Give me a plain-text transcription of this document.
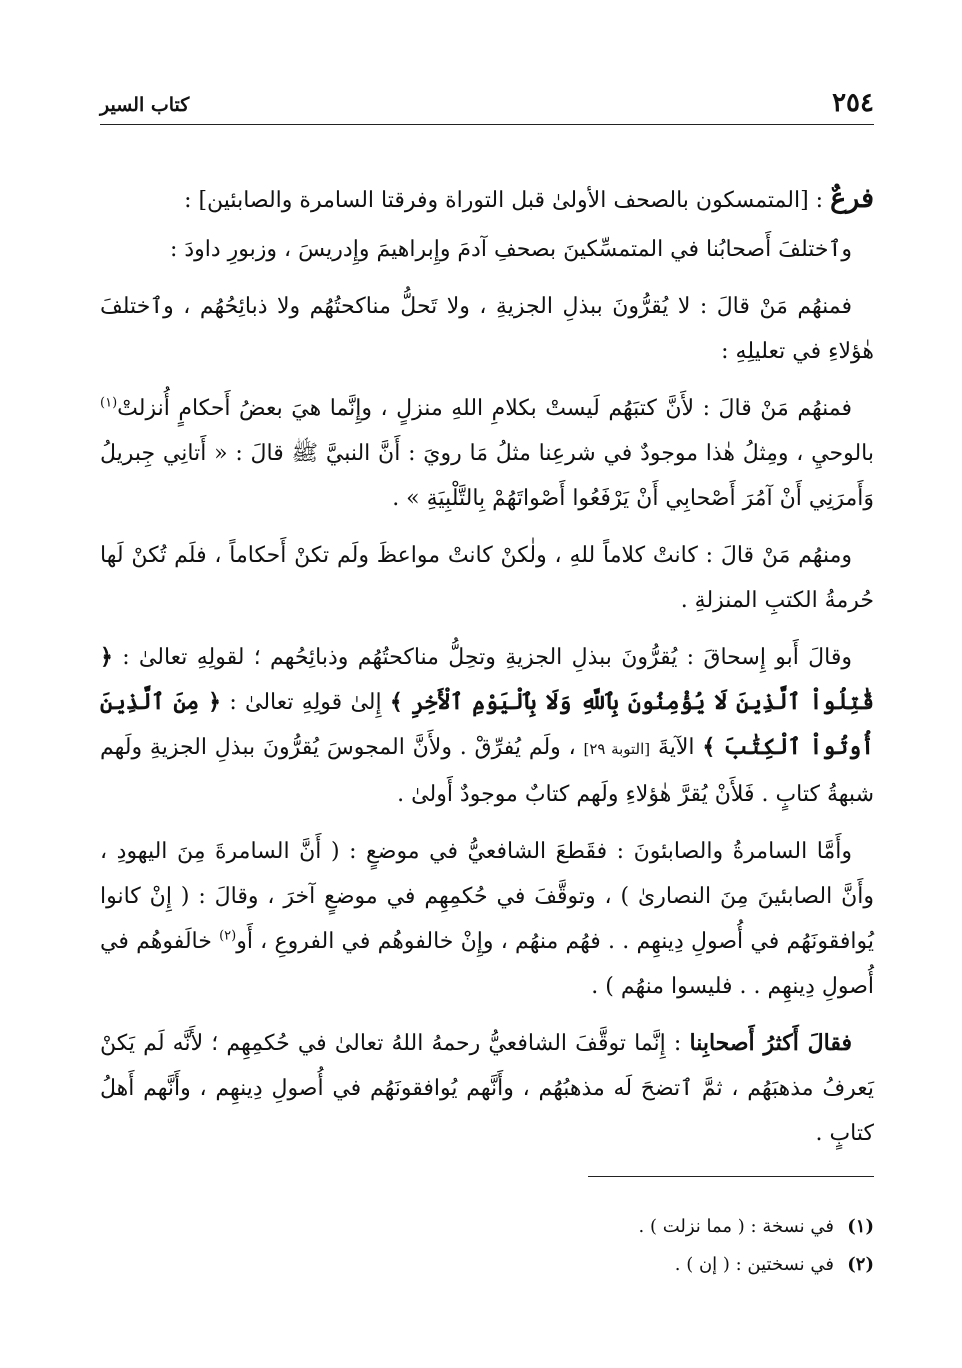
٢٥٤
كتاب السير

فرعٌ : [المتمسكون بالصحف الأولىٰ قبل التوراة وفرقتا السامرة والصابئين] :

وٱختلفَ أَصحابُنا في المتمسِّكينَ بصحفِ آدمَ وإِبراهيمَ وإِدريسَ ، وزبورِ داودَ :

فمنهُم مَنْ قالَ : لا يُقرُّونَ ببذلِ الجزيةِ ، ولا تَحلُّ مناكحتُهُم ولا ذبائِحُهُم ، وٱختلفَ هٰؤلاءِ في تعليلِهِ :

فمنهُم مَنْ قالَ : لأَنَّ كتبَهُم لَيستْ بكلامِ اللهِ منزلٍ ، وإِنَّما هيَ بعضُ أَحكامٍ أُنزلتْ$^{(١)}$ بالوحيِ ، ومِثلُ هٰذا موجودٌ في شرعِنا مثلُ مَا رويَ : أَنَّ النبيَّ ﷺ قالَ : « أَتانِي جِبريلُ وَأَمرَنِي أَنْ آمُرَ أَصْحابِي أَنْ يَرْفَعُوا أَصْواتَهُمْ بِالتَّلْبِيَةِ » .

ومنهُم مَنْ قالَ : كانتْ كلاماً للهِ ، ولٰكنْ كانتْ مواعظَ ولَم تكنْ أَحكاماً ، فلَم تُكنْ لَها حُرمةُ الكتبِ المنزلةِ .

وقالَ أَبو إِسحاقَ : يُقرُّونَ ببذلِ الجزيةِ وتحِلُّ مناكحتُهُم وذبائِحُهم ؛ لقولِهِ تعالىٰ : ﴿ قَٰتِلُواْ ٱلَّذِينَ لَا يُؤْمِنُونَ بِٱللَّهِ وَلَا بِٱلْيَوْمِ ٱلْأَخِرِ ﴾ إِلىٰ قولِهِ تعالىٰ : ﴿ مِنَ ٱلَّذِينَ أُوتُواْ ٱلْكِتَٰبَ ﴾ الآيةَ [التوبة ٢٩] ، ولَم يُفرِّقْ . ولأَنَّ المجوسَ يُقرُّونَ ببذلِ الجزيةِ ولَهم شبهةُ كتابٍ . فَلأَنْ يُقرَّ هٰؤلاءِ ولَهم كتابٌ موجودٌ أَولىٰ .

وأَمَّا السامرةُ والصابئونَ : فقَطعَ الشافعيُّ في موضعٍ : ( أَنَّ السامرةَ مِنَ اليهودِ ، وأَنَّ الصابئينَ مِنَ النصارىٰ ) ، وتوقَّفَ في حُكمِهِم في موضعٍ آخرَ ، وقالَ : ( إِنْ كانوا يُوافقونَهُم في أُصولِ دِينهِم . . فهُم منهُم ، وإِنْ خالفوهُم في الفروعِ ، أَو$^{(٢)}$ خالَفوهُم في أُصولِ دِينهِم . . فليسوا منهُم ) .

فقالَ أَكثرُ أَصحابِنا : إِنَّما توقَّفَ الشافعيُّ رحمهُ اللهُ تعالىٰ في حُكمِهِم ؛ لأَنَّه لَم يَكنْ يَعرفُ مذهبَهُم ، ثمَّ ٱتضحَ لَه مذهبُهُم ، وأَنَّهم يُوافقونَهُم في أُصولِ دِينهِم ، وأَنَّهم أَهلُ كتابٍ .

(١)في نسخة : ( مما نزلت ) .
(٢)في نسختين : ( إن ) .
